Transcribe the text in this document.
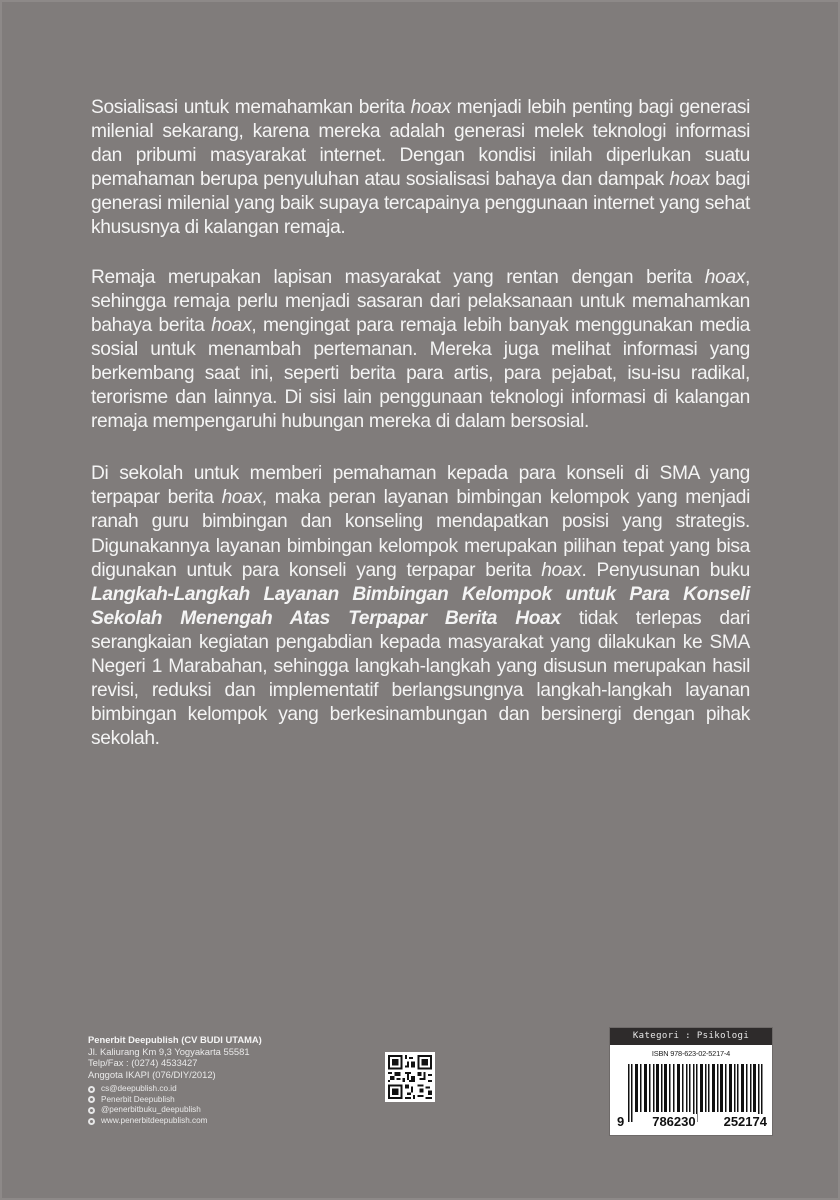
Sosialisasi untuk memahamkan berita hoax menjadi lebih penting bagi generasi milenial sekarang, karena mereka adalah generasi melek teknologi informasi dan pribumi masyarakat internet. Dengan kondisi inilah diperlukan suatu pemahaman berupa penyuluhan atau sosialisasi bahaya dan dampak hoax bagi generasi milenial yang baik supaya tercapainya penggunaan internet yang sehat khususnya di kalangan remaja.

Remaja merupakan lapisan masyarakat yang rentan dengan berita hoax, sehingga remaja perlu menjadi sasaran dari pelaksanaan untuk memahamkan bahaya berita hoax, mengingat para remaja lebih banyak menggunakan media sosial untuk menambah pertemanan. Mereka juga melihat informasi yang berkembang saat ini, seperti berita para artis, para pejabat, isu-isu radikal, terorisme dan lainnya. Di sisi lain penggunaan teknologi informasi di kalangan remaja mempengaruhi hubungan mereka di dalam bersosial.

Di sekolah untuk memberi pemahaman kepada para konseli di SMA yang terpapar berita hoax, maka peran layanan bimbingan kelompok yang menjadi ranah guru bimbingan dan konseling mendapatkan posisi yang strategis. Digunakannya layanan bimbingan kelompok merupakan pilihan tepat yang bisa digunakan untuk para konseli yang terpapar berita hoax. Penyusunan buku Langkah-Langkah Layanan Bimbingan Kelompok untuk Para Konseli Sekolah Menengah Atas Terpapar Berita Hoax tidak terlepas dari serangkaian kegiatan pengabdian kepada masyarakat yang dilakukan ke SMA Negeri 1 Marabahan, sehingga langkah-langkah yang disusun merupakan hasil revisi, reduksi dan implementatif berlangsungnya langkah-langkah layanan bimbingan kelompok yang berkesinambungan dan bersinergi dengan pihak sekolah.

Penerbit Deepublish (CV BUDI UTAMA)
Jl. Kaliurang Km 9,3 Yogyakarta 55581
Telp/Fax : (0274) 4533427
Anggota IKAPI (076/DIY/2012)
cs@deepublish.co.id
Penerbit Deepublish
@penerbitbuku_deepublish
www.penerbitdeepublish.com
Kategori : Psikologi
ISBN 978-623-02-5217-4
9 786230 252174
